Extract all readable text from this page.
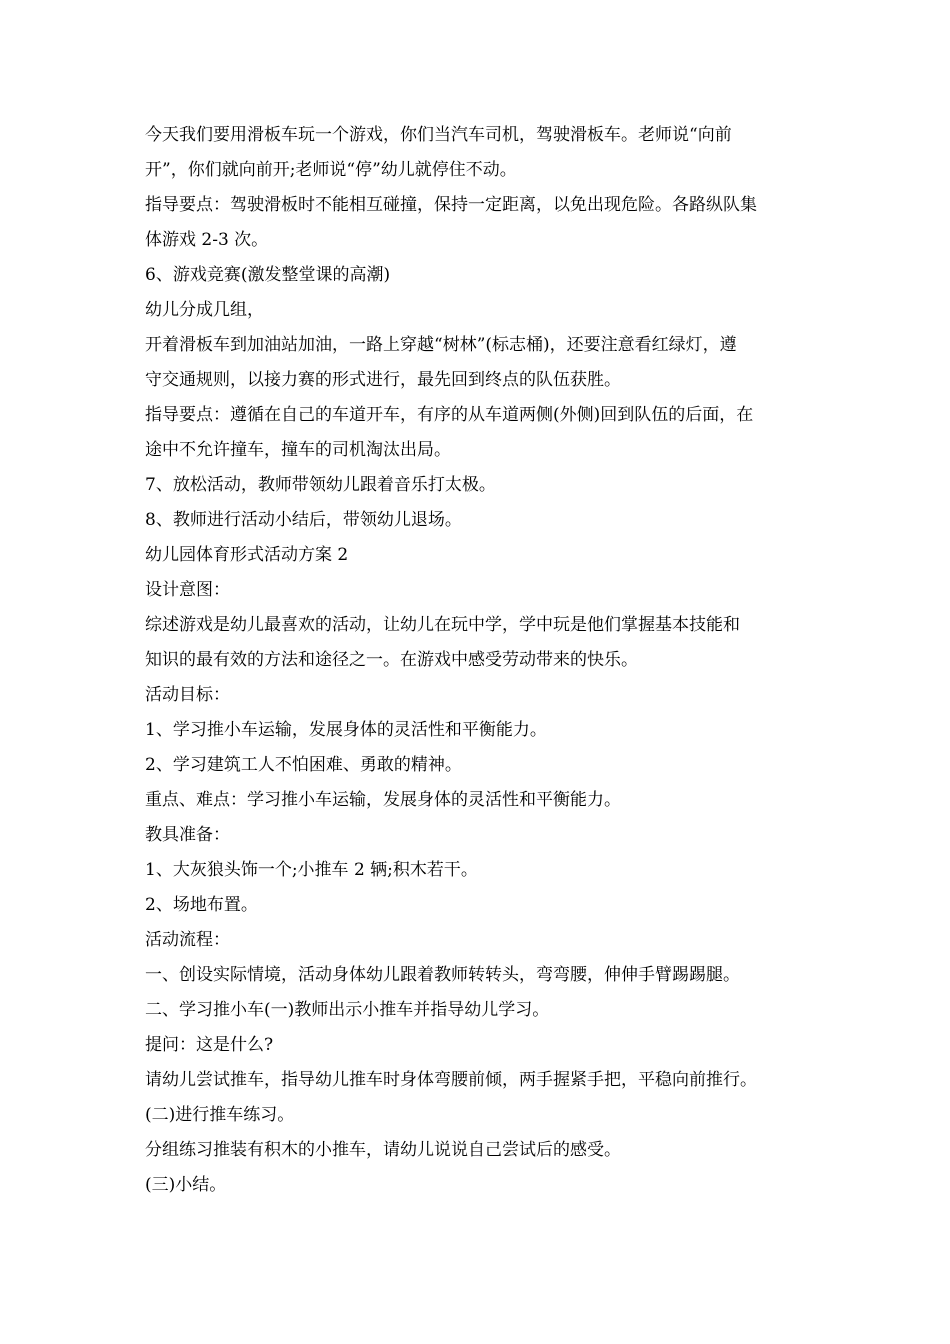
今天我们要用滑板车玩一个游戏，你们当汽车司机，驾驶滑板车。老师说“向前
开”，你们就向前开;老师说“停”幼儿就停住不动。
指导要点：驾驶滑板时不能相互碰撞，保持一定距离，以免出现危险。各路纵队集
体游戏 2-3 次。
6、游戏竞赛(激发整堂课的高潮)
幼儿分成几组，
开着滑板车到加油站加油，一路上穿越“树林”(标志桶)，还要注意看红绿灯，遵
守交通规则，以接力赛的形式进行，最先回到终点的队伍获胜。
指导要点：遵循在自己的车道开车，有序的从车道两侧(外侧)回到队伍的后面，在
途中不允许撞车，撞车的司机淘汰出局。
7、放松活动，教师带领幼儿跟着音乐打太极。
8、教师进行活动小结后，带领幼儿退场。
幼儿园体育形式活动方案 2
设计意图：
综述游戏是幼儿最喜欢的活动，让幼儿在玩中学，学中玩是他们掌握基本技能和
知识的最有效的方法和途径之一。在游戏中感受劳动带来的快乐。
活动目标：
1、学习推小车运输，发展身体的灵活性和平衡能力。
2、学习建筑工人不怕困难、勇敢的精神。
重点、难点：学习推小车运输，发展身体的灵活性和平衡能力。
教具准备：
1、大灰狼头饰一个;小推车 2 辆;积木若干。
2、场地布置。
活动流程：
一、创设实际情境，活动身体幼儿跟着教师转转头，弯弯腰，伸伸手臂踢踢腿。
二、学习推小车(一)教师出示小推车并指导幼儿学习。
提问：这是什么?
请幼儿尝试推车，指导幼儿推车时身体弯腰前倾，两手握紧手把，平稳向前推行。
(二)进行推车练习。
分组练习推装有积木的小推车，请幼儿说说自己尝试后的感受。
(三)小结。
